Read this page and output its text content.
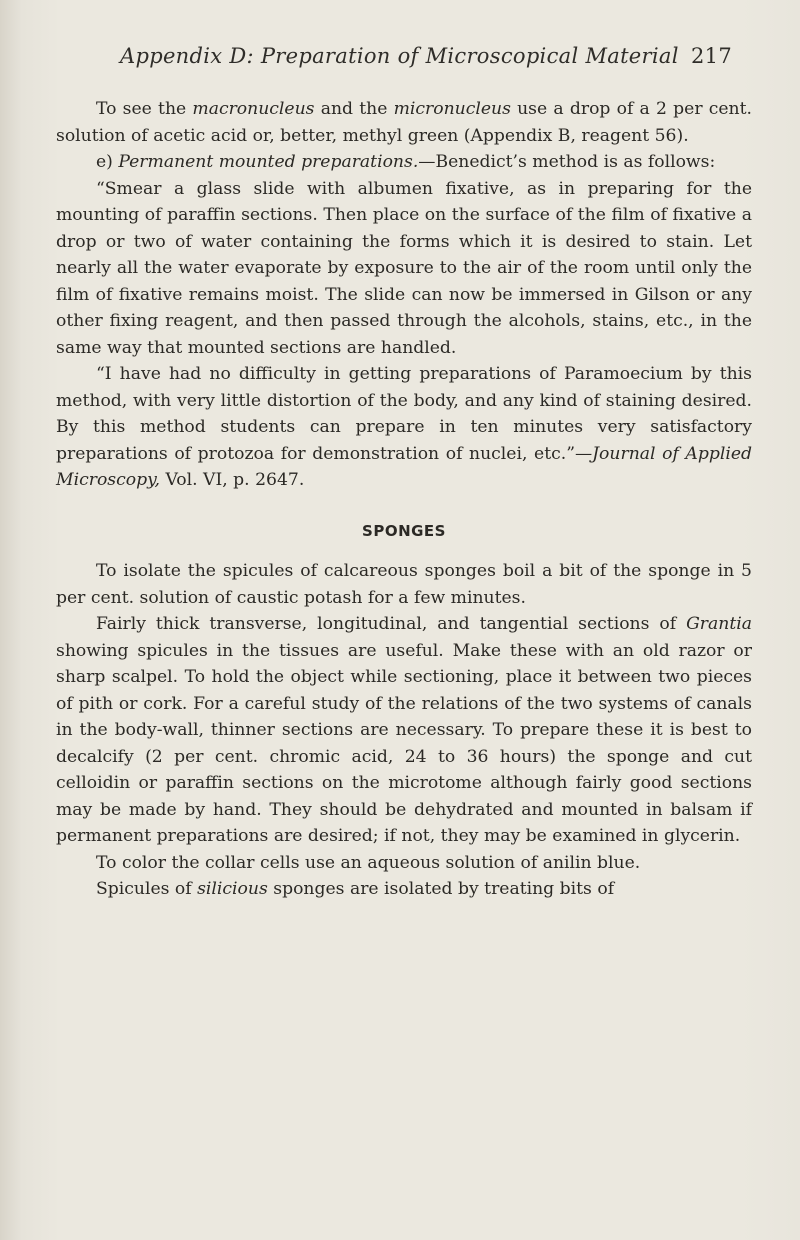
Appendix D: Preparation of Microscopical Material 217

To see the macronucleus and the micronucleus use a drop of a 2 per cent. solution of acetic acid or, better, methyl green (Appendix B, reagent 56).

e) Permanent mounted preparations.—Benedict’s method is as follows:

“Smear a glass slide with albumen fixative, as in preparing for the mounting of paraffin sections. Then place on the surface of the film of fixative a drop or two of water containing the forms which it is desired to stain. Let nearly all the water evaporate by exposure to the air of the room until only the film of fixative remains moist. The slide can now be immersed in Gilson or any other fixing reagent, and then passed through the alcohols, stains, etc., in the same way that mounted sections are handled.

“I have had no difficulty in getting preparations of Paramoecium by this method, with very little distortion of the body, and any kind of staining desired. By this method students can prepare in ten minutes very satisfactory preparations of protozoa for demonstration of nuclei, etc.”—Journal of Applied Microscopy, Vol. VI, p. 2647.

SPONGES

To isolate the spicules of calcareous sponges boil a bit of the sponge in 5 per cent. solution of caustic potash for a few minutes.

Fairly thick transverse, longitudinal, and tangential sections of Grantia showing spicules in the tissues are useful. Make these with an old razor or sharp scalpel. To hold the object while sectioning, place it between two pieces of pith or cork. For a careful study of the relations of the two systems of canals in the body-wall, thinner sections are necessary. To prepare these it is best to decalcify (2 per cent. chromic acid, 24 to 36 hours) the sponge and cut celloidin or paraffin sections on the microtome although fairly good sections may be made by hand. They should be dehydrated and mounted in balsam if permanent preparations are desired; if not, they may be examined in glycerin.

To color the collar cells use an aqueous solution of anilin blue.

Spicules of silicious sponges are isolated by treating bits of
